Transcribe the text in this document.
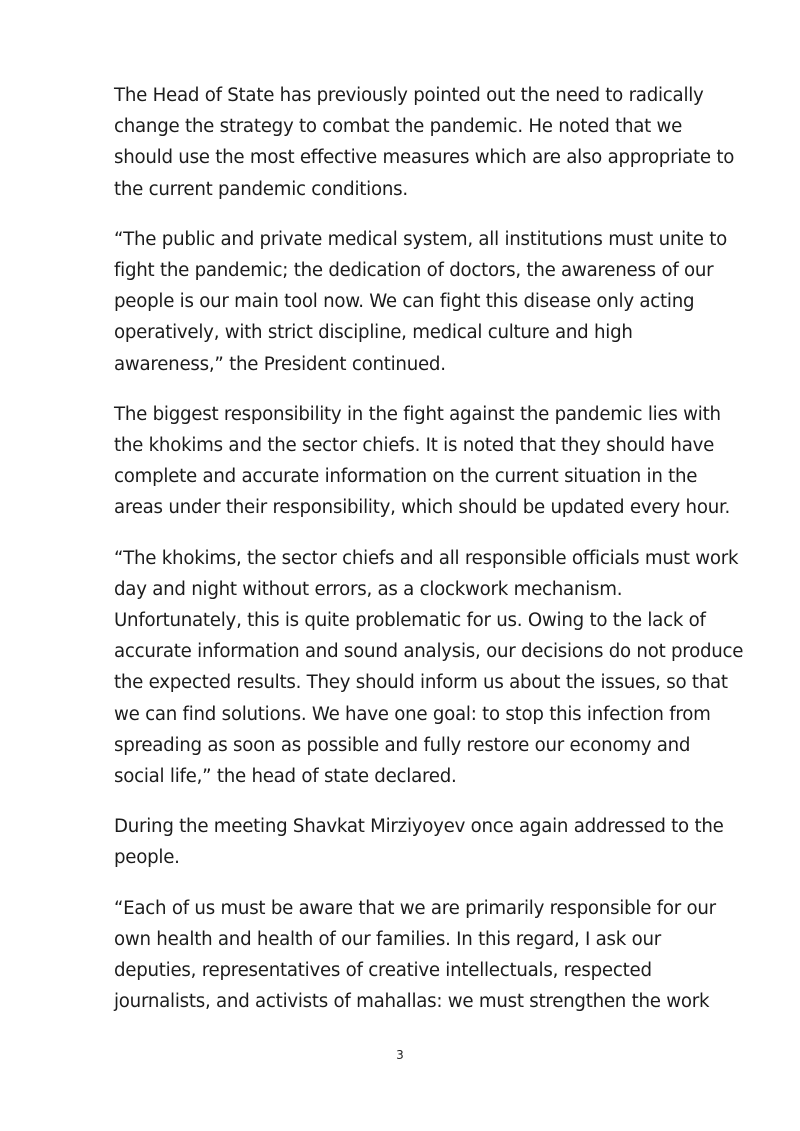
The Head of State has previously pointed out the need to radically change the strategy to combat the pandemic. He noted that we should use the most effective measures which are also appropriate to the current pandemic conditions.

“The public and private medical system, all institutions must unite to fight the pandemic; the dedication of doctors, the awareness of our people is our main tool now. We can fight this disease only acting operatively, with strict discipline, medical culture and high awareness,” the President continued.

The biggest responsibility in the fight against the pandemic lies with the khokims and the sector chiefs. It is noted that they should have complete and accurate information on the current situation in the areas under their responsibility, which should be updated every hour.

“The khokims, the sector chiefs and all responsible officials must work day and night without errors, as a clockwork mechanism. Unfortunately, this is quite problematic for us. Owing to the lack of accurate information and sound analysis, our decisions do not produce the expected results. They should inform us about the issues, so that we can find solutions. We have one goal: to stop this infection from spreading as soon as possible and fully restore our economy and social life,” the head of state declared.

During the meeting Shavkat Mirziyoyev once again addressed to the people.

“Each of us must be aware that we are primarily responsible for our own health and health of our families. In this regard, I ask our deputies, representatives of creative intellectuals, respected journalists, and activists of mahallas: we must strengthen the work

3
